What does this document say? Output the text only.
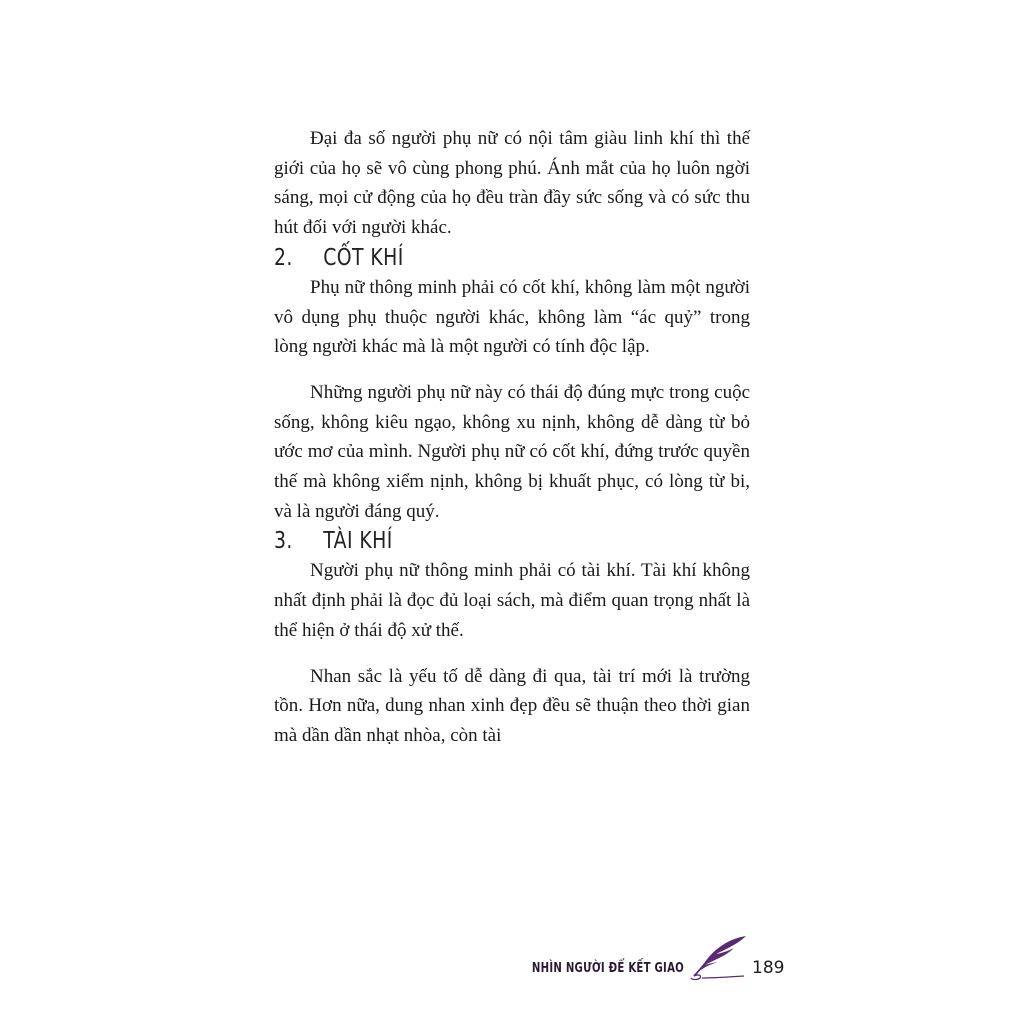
Đại đa số người phụ nữ có nội tâm giàu linh khí thì thế giới của họ sẽ vô cùng phong phú. Ánh mắt của họ luôn ngời sáng, mọi cử động của họ đều tràn đầy sức sống và có sức thu hút đối với người khác.

2.	CỐT KHÍ

Phụ nữ thông minh phải có cốt khí, không làm một người vô dụng phụ thuộc người khác, không làm “ác quỷ” trong lòng người khác mà là một người có tính độc lập.

Những người phụ nữ này có thái độ đúng mực trong cuộc sống, không kiêu ngạo, không xu nịnh, không dễ dàng từ bỏ ước mơ của mình. Người phụ nữ có cốt khí, đứng trước quyền thế mà không xiểm nịnh, không bị khuất phục, có lòng từ bi, và là người đáng quý.

3.	TÀI KHÍ

Người phụ nữ thông minh phải có tài khí. Tài khí không nhất định phải là đọc đủ loại sách, mà điểm quan trọng nhất là thể hiện ở thái độ xử thế.

Nhan sắc là yếu tố dễ dàng đi qua, tài trí mới là trường tồn. Hơn nữa, dung nhan xinh đẹp đều sẽ thuận theo thời gian mà dần dần nhạt nhòa, còn tài

NHÌN NGƯỜI ĐỂ KẾT GIAO	189
